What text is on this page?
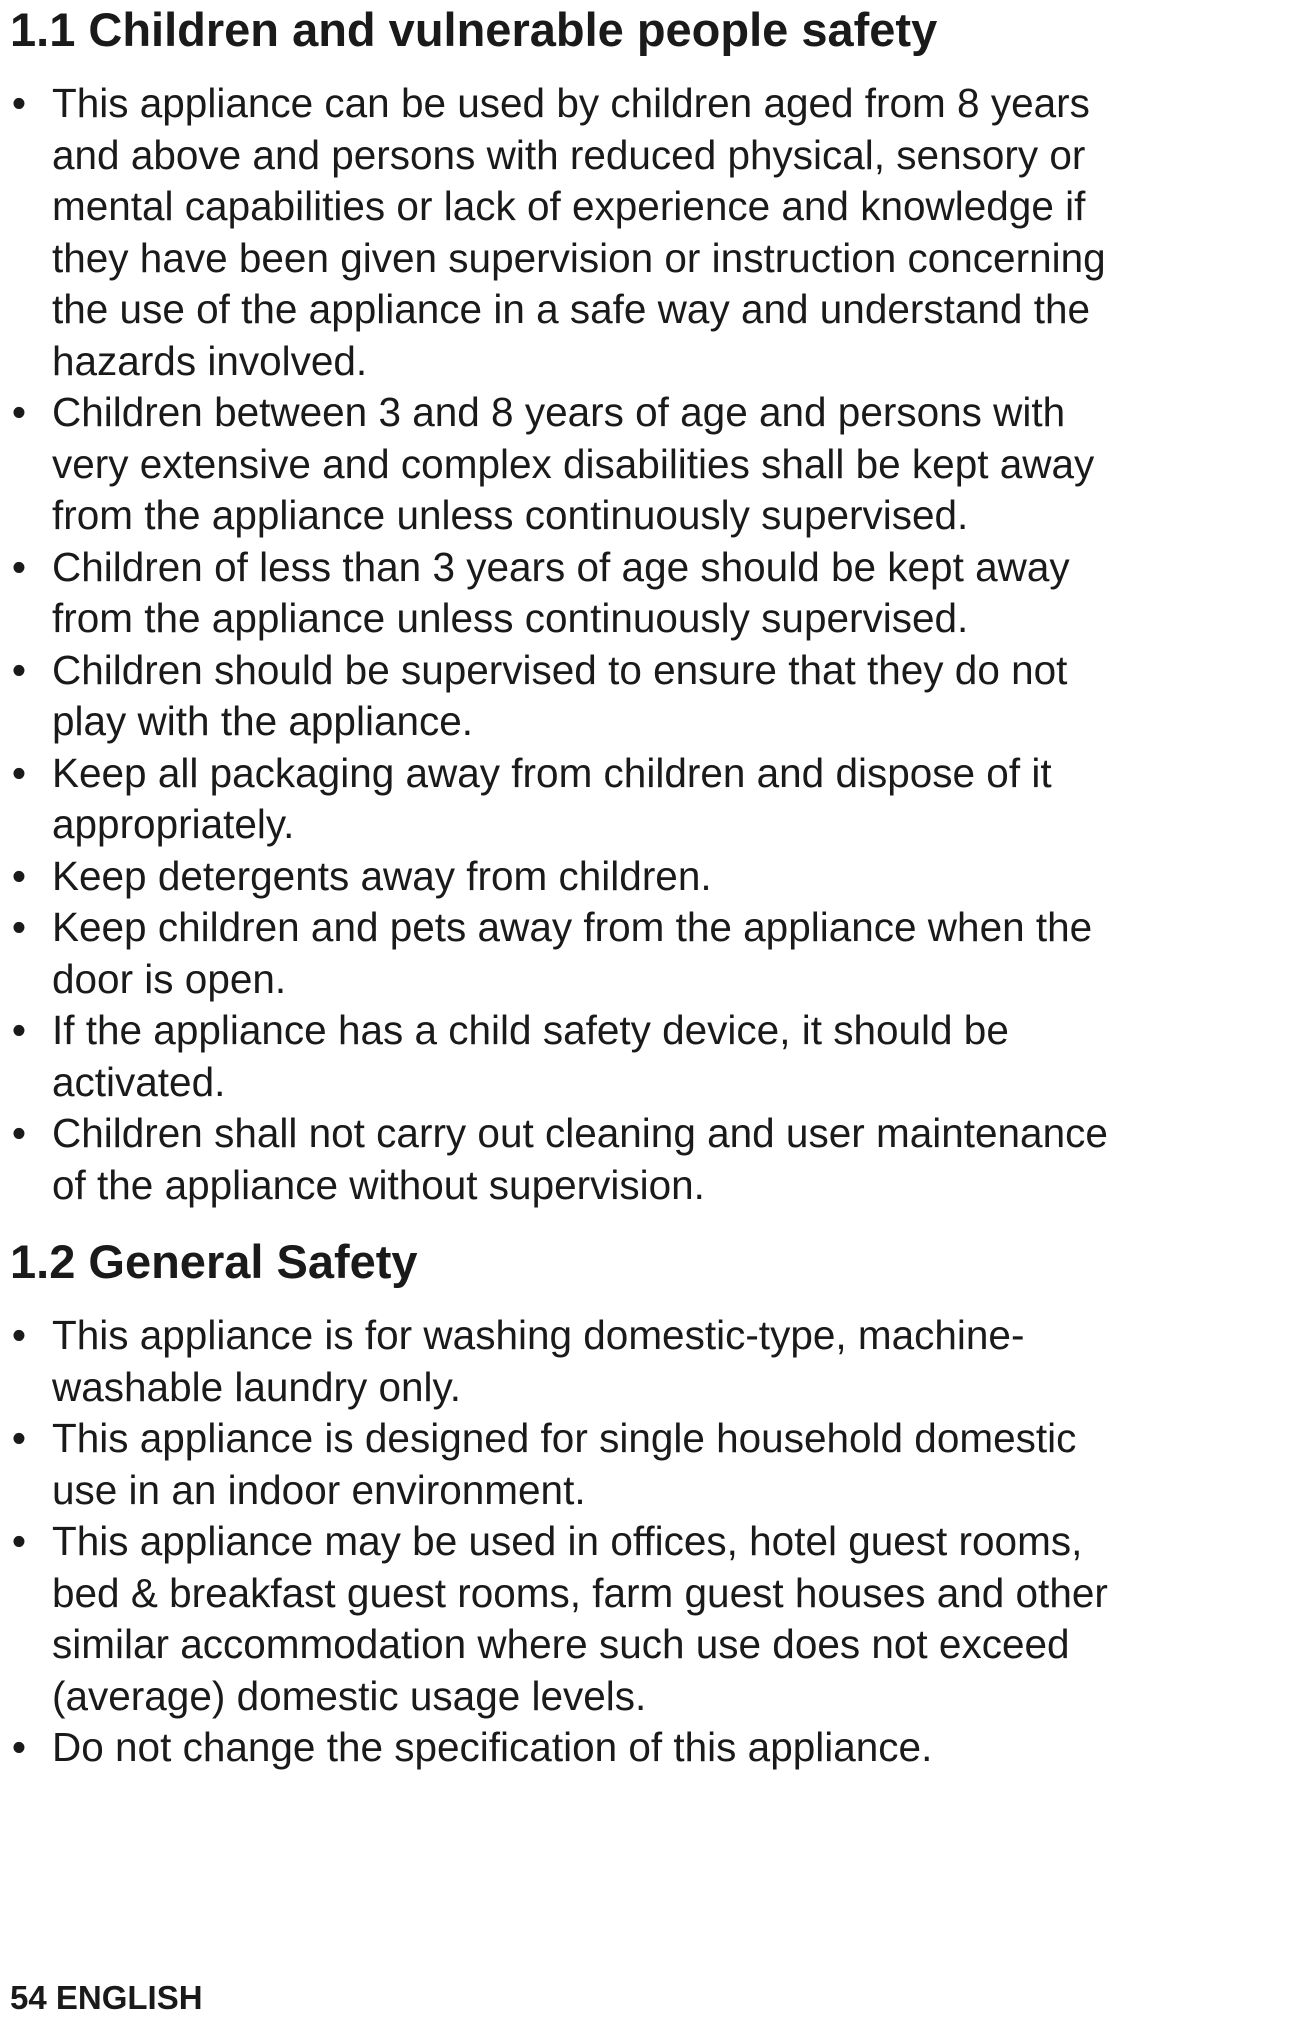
1.1 Children and vulnerable people safety
• This appliance can be used by children aged from 8 years
and above and persons with reduced physical, sensory or
mental capabilities or lack of experience and knowledge if
they have been given supervision or instruction concerning
the use of the appliance in a safe way and understand the
hazards involved.
• Children between 3 and 8 years of age and persons with
very extensive and complex disabilities shall be kept away
from the appliance unless continuously supervised.
• Children of less than 3 years of age should be kept away
from the appliance unless continuously supervised.
• Children should be supervised to ensure that they do not
play with the appliance.
• Keep all packaging away from children and dispose of it
appropriately.
• Keep detergents away from children.
• Keep children and pets away from the appliance when the
door is open.
• If the appliance has a child safety device, it should be
activated.
• Children shall not carry out cleaning and user maintenance
of the appliance without supervision.
1.2 General Safety
• This appliance is for washing domestic-type, machine-
washable laundry only.
• This appliance is designed for single household domestic
use in an indoor environment.
• This appliance may be used in offices, hotel guest rooms,
bed & breakfast guest rooms, farm guest houses and other
similar accommodation where such use does not exceed
(average) domestic usage levels.
• Do not change the specification of this appliance.
54 ENGLISH
